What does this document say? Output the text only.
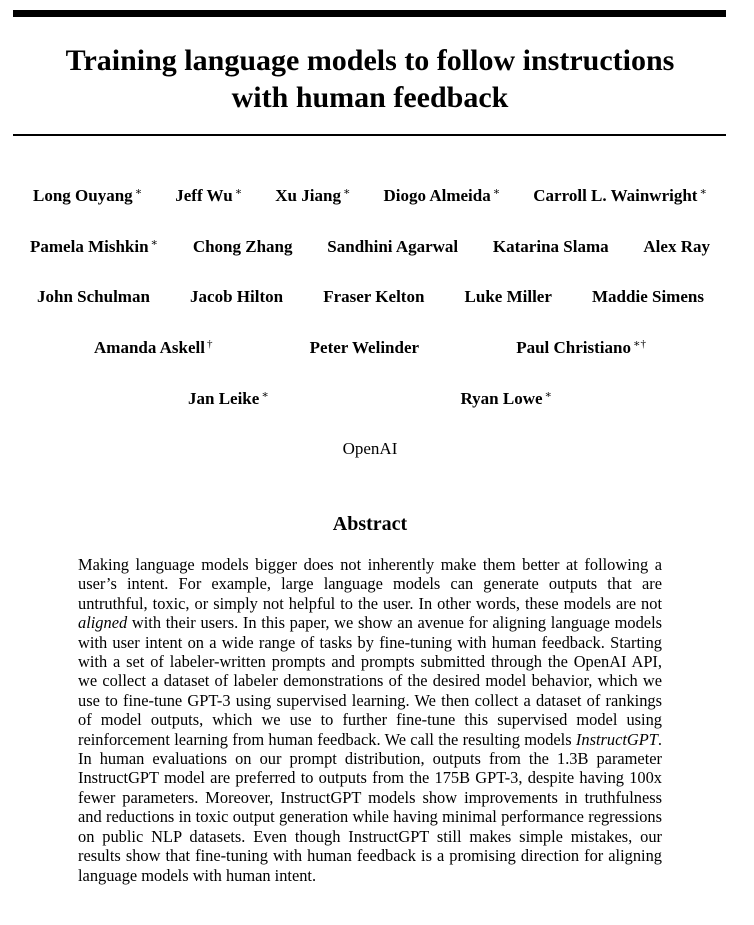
Training language models to follow instructions
with human feedback
Long Ouyang ∗ Jeff Wu ∗ Xu Jiang ∗ Diogo Almeida ∗ Carroll L. Wainwright ∗
Pamela Mishkin ∗ Chong Zhang Sandhini Agarwal Katarina Slama Alex Ray
John Schulman Jacob Hilton Fraser Kelton Luke Miller Maddie Simens
Amanda Askell †	Peter Welinder	Paul Christiano ∗†
Jan Leike ∗	Ryan Lowe ∗
OpenAI
Abstract

Making language models bigger does not inherently make them better at following a user’s intent. For example, large language models can generate outputs that are untruthful, toxic, or simply not helpful to the user. In other words, these models are not aligned with their users. In this paper, we show an avenue for aligning language models with user intent on a wide range of tasks by fine-tuning with human feedback. Starting with a set of labeler-written prompts and prompts submitted through the OpenAI API, we collect a dataset of labeler demonstrations of the desired model behavior, which we use to fine-tune GPT-3 using supervised learning. We then collect a dataset of rankings of model outputs, which we use to further fine-tune this supervised model using reinforcement learning from human feedback. We call the resulting models InstructGPT. In human evaluations on our prompt distribution, outputs from the 1.3B parameter InstructGPT model are preferred to outputs from the 175B GPT-3, despite having 100x fewer parameters. Moreover, InstructGPT models show improvements in truthfulness and reductions in toxic output generation while having minimal performance regressions on public NLP datasets. Even though InstructGPT still makes simple mistakes, our results show that fine-tuning with human feedback is a promising direction for aligning language models with human intent.
